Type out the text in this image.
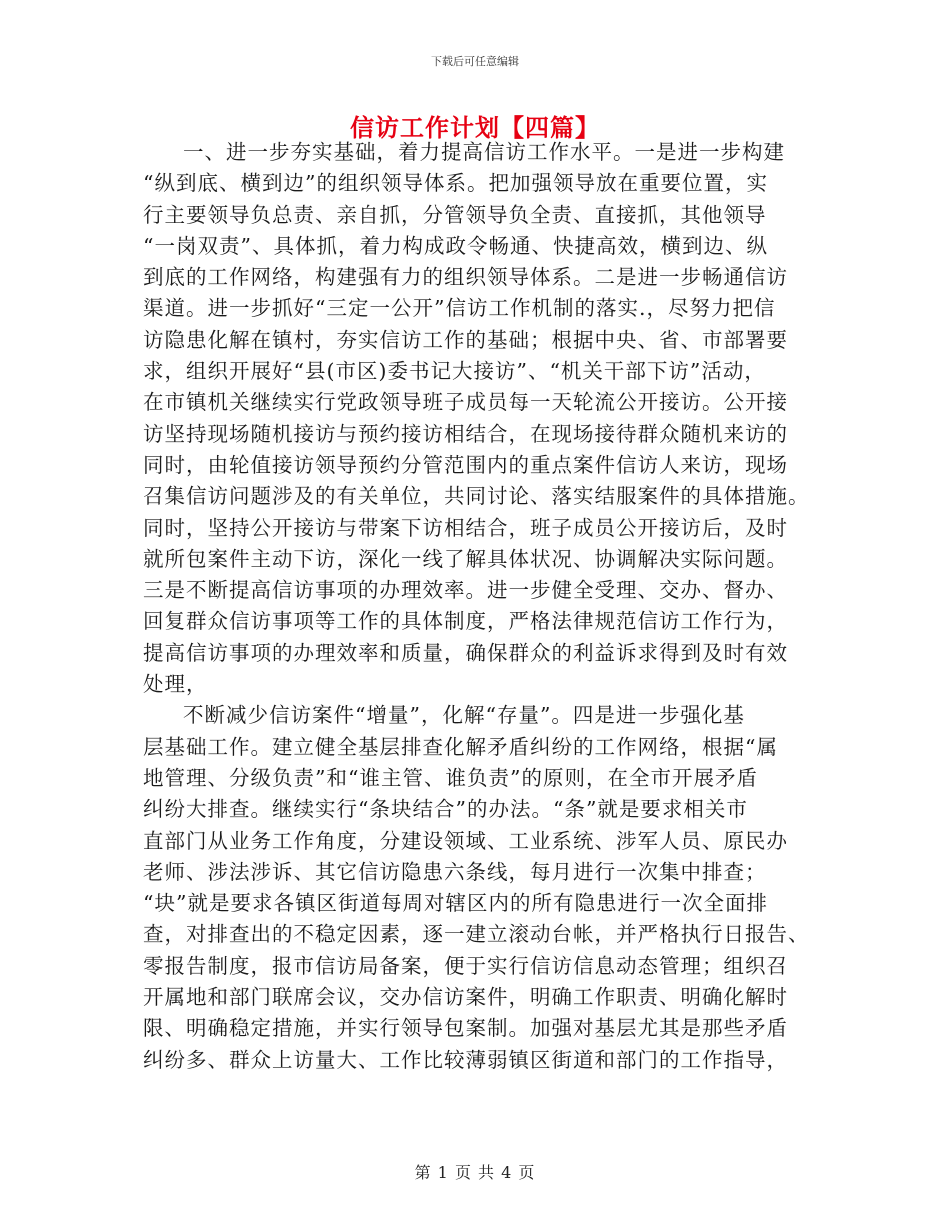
下载后可任意编辑
信访工作计划【四篇】
一、进一步夯实基础，着力提高信访工作水平。一是进一步构建
“纵到底、横到边”的组织领导体系。把加强领导放在重要位置，实
行主要领导负总责、亲自抓，分管领导负全责、直接抓，其他领导
“一岗双责”、具体抓，着力构成政令畅通、快捷高效，横到边、纵
到底的工作网络，构建强有力的组织领导体系。二是进一步畅通信访
渠道。进一步抓好“三定一公开”信访工作机制的落实.，尽努力把信
访隐患化解在镇村，夯实信访工作的基础；根据中央、省、市部署要
求，组织开展好“县(市区)委书记大接访”、“机关干部下访”活动，
在市镇机关继续实行党政领导班子成员每一天轮流公开接访。公开接
访坚持现场随机接访与预约接访相结合，在现场接待群众随机来访的
同时，由轮值接访领导预约分管范围内的重点案件信访人来访，现场
召集信访问题涉及的有关单位，共同讨论、落实结服案件的具体措施。
同时，坚持公开接访与带案下访相结合，班子成员公开接访后，及时
就所包案件主动下访，深化一线了解具体状况、协调解决实际问题。
三是不断提高信访事项的办理效率。进一步健全受理、交办、督办、
回复群众信访事项等工作的具体制度，严格法律规范信访工作行为，
提高信访事项的办理效率和质量，确保群众的利益诉求得到及时有效
处理，
不断减少信访案件“增量”，化解“存量”。四是进一步强化基
层基础工作。建立健全基层排查化解矛盾纠纷的工作网络，根据“属
地管理、分级负责”和“谁主管、谁负责”的原则，在全市开展矛盾
纠纷大排查。继续实行“条块结合”的办法。“条”就是要求相关市
直部门从业务工作角度，分建设领域、工业系统、涉军人员、原民办
老师、涉法涉诉、其它信访隐患六条线，每月进行一次集中排查；
“块”就是要求各镇区街道每周对辖区内的所有隐患进行一次全面排
查，对排查出的不稳定因素，逐一建立滚动台帐，并严格执行日报告、
零报告制度，报市信访局备案，便于实行信访信息动态管理；组织召
开属地和部门联席会议，交办信访案件，明确工作职责、明确化解时
限、明确稳定措施，并实行领导包案制。加强对基层尤其是那些矛盾
纠纷多、群众上访量大、工作比较薄弱镇区街道和部门的工作指导，
第 1 页 共 4 页
